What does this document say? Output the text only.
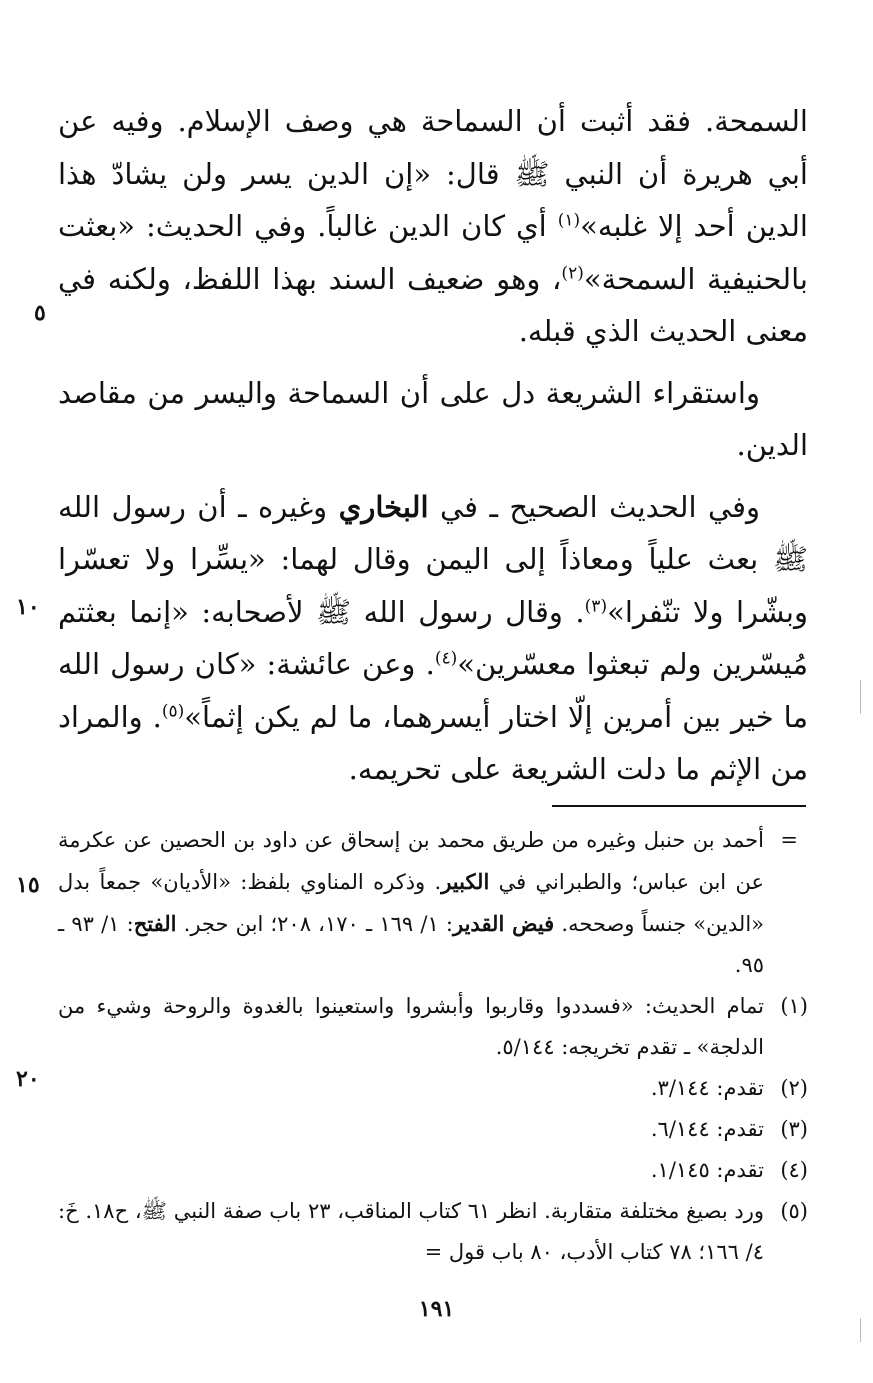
السمحة. فقد أثبت أن السماحة هي وصف الإسلام. وفيه عن أبي هريرة أن النبي ﷺ قال: «إن الدين يسر ولن يشادّ هذا الدين أحد إلا غلبه»$^{(١)}$ أي كان الدين غالباً. وفي الحديث: «بعثت بالحنيفية السمحة»$^{(٢)}$، وهو ضعيف السند بهذا اللفظ، ولكنه في معنى الحديث الذي قبله.

واستقراء الشريعة دل على أن السماحة واليسر من مقاصد الدين.

وفي الحديث الصحيح ـ في البخاري وغيره ـ أن رسول الله ﷺ بعث علياً ومعاذاً إلى اليمن وقال لهما: «يسِّرا ولا تعسّرا وبشّرا ولا تنّفرا»$^{(٣)}$. وقال رسول الله ﷺ لأصحابه: «إنما بعثتم مُيسّرين ولم تبعثوا معسّرين»$^{(٤)}$. وعن عائشة: «كان رسول الله ما خير بين أمرين إلّا اختار أيسرهما، ما لم يكن إثماً»$^{(٥)}$. والمراد من الإثم ما دلت الشريعة على تحريمه.

=
أحمد بن حنبل وغيره من طريق محمد بن إسحاق عن داود بن الحصين عن عكرمة عن ابن عباس؛ والطبراني في الكبير. وذكره المناوي بلفظ: «الأديان» جمعاً بدل «الدين» جنساً وصححه. فيض القدير: ١/ ١٦٩ ـ ١٧٠، ٢٠٨؛ ابن حجر. الفتح: ١/ ٩٣ ـ ٩٥.
(١)
تمام الحديث: «فسددوا وقاربوا وأبشروا واستعينوا بالغدوة والروحة وشيء من الدلجة» ـ تقدم تخريجه: ٥/١٤٤.
(٢)
تقدم: ٣/١٤٤.
(٣)
تقدم: ٦/١٤٤.
(٤)
تقدم: ١/١٤٥.
(٥)
ورد بصيغ مختلفة متقاربة. انظر ٦١ كتاب المناقب، ٢٣ باب صفة النبي ﷺ، ح١٨. خَ: ٤/ ١٦٦؛ ٧٨ كتاب الأدب، ٨٠ باب قول =
٥
١٠
١٥
٢٠
١٩١
